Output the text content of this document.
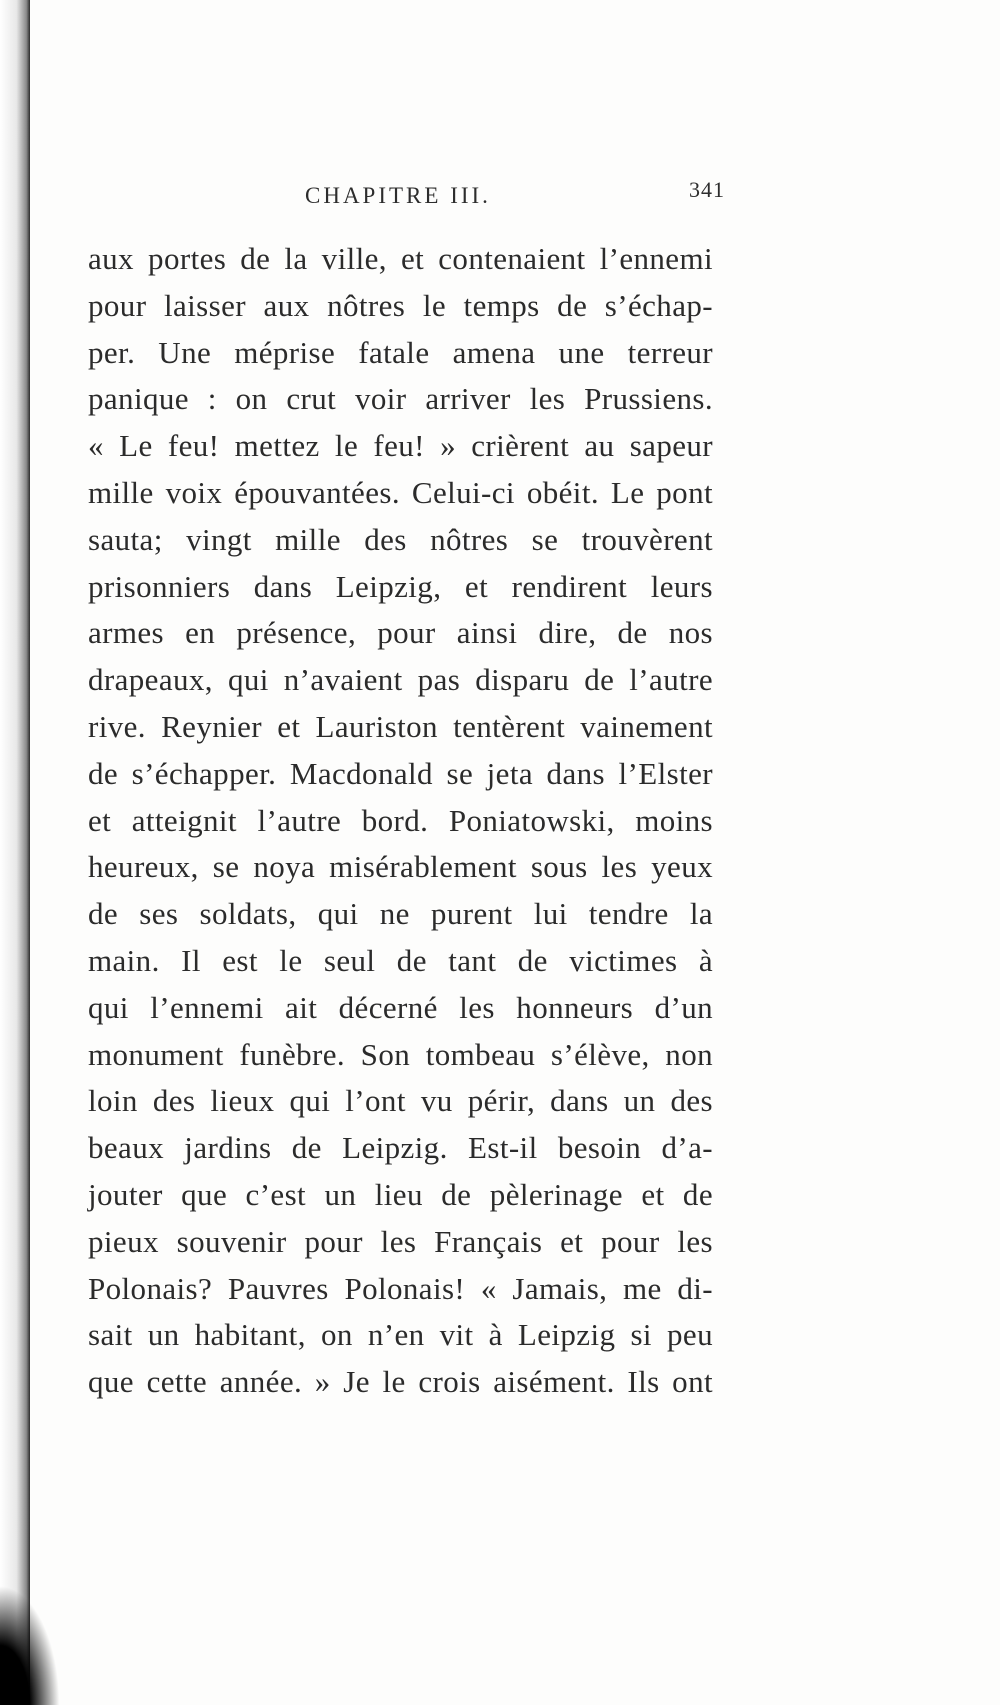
CHAPITRE III.	341
aux portes de la ville, et contenaient l’ennemi
pour laisser aux nôtres le temps de s’échap-
per. Une méprise fatale amena une terreur
panique : on crut voir arriver les Prussiens.
« Le feu! mettez le feu! » crièrent au sapeur
mille voix épouvantées. Celui-ci obéit. Le pont
sauta; vingt mille des nôtres se trouvèrent
prisonniers dans Leipzig, et rendirent leurs
armes en présence, pour ainsi dire, de nos
drapeaux, qui n’avaient pas disparu de l’autre
rive. Reynier et Lauriston tentèrent vainement
de s’échapper. Macdonald se jeta dans l’Elster
et atteignit l’autre bord. Poniatowski, moins
heureux, se noya misérablement sous les yeux
de ses soldats, qui ne purent lui tendre la
main. Il est le seul de tant de victimes à
qui l’ennemi ait décerné les honneurs d’un
monument funèbre. Son tombeau s’élève, non
loin des lieux qui l’ont vu périr, dans un des
beaux jardins de Leipzig. Est-il besoin d’a-
jouter que c’est un lieu de pèlerinage et de
pieux souvenir pour les Français et pour les
Polonais? Pauvres Polonais! « Jamais, me di-
sait un habitant, on n’en vit à Leipzig si peu
que cette année. » Je le crois aisément. Ils ont
